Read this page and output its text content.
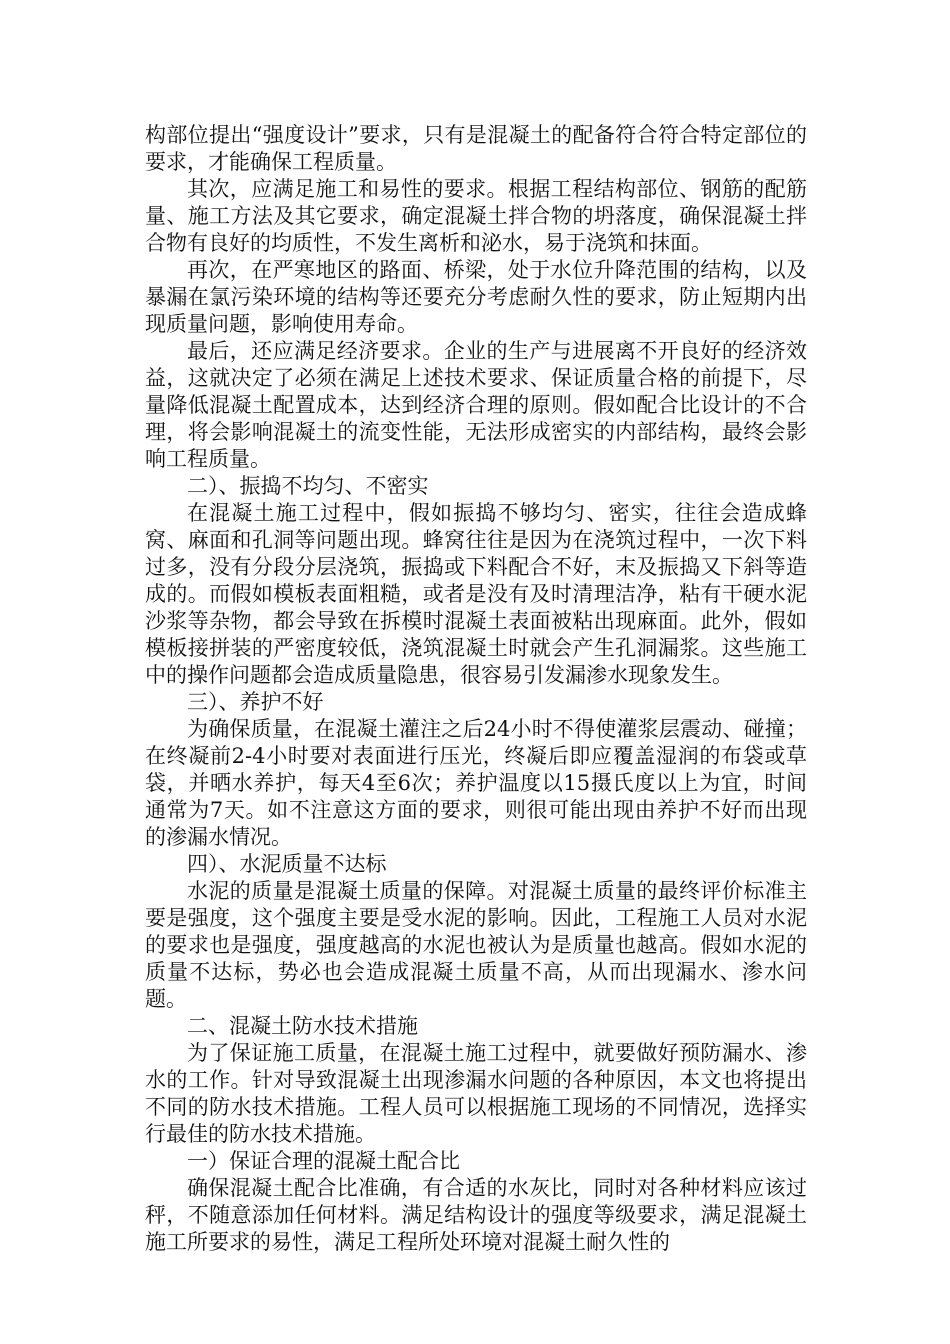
构部位提出“强度设计”要求，只有是混凝土的配备符合符合特定部位的要求，才能确保工程质量。

其次，应满足施工和易性的要求。根据工程结构部位、钢筋的配筋量、施工方法及其它要求，确定混凝土拌合物的坍落度，确保混凝土拌合物有良好的均质性，不发生离析和泌水，易于浇筑和抹面。

再次，在严寒地区的路面、桥梁，处于水位升降范围的结构，以及暴漏在氯污染环境的结构等还要充分考虑耐久性的要求，防止短期内出现质量问题，影响使用寿命。

最后，还应满足经济要求。企业的生产与进展离不开良好的经济效益，这就决定了必须在满足上述技术要求、保证质量合格的前提下，尽量降低混凝土配置成本，达到经济合理的原则。假如配合比设计的不合理，将会影响混凝土的流变性能，无法形成密实的内部结构，最终会影响工程质量。

二）、振捣不均匀、不密实

在混凝土施工过程中，假如振捣不够均匀、密实，往往会造成蜂窝、麻面和孔洞等问题出现。蜂窝往往是因为在浇筑过程中，一次下料过多，没有分段分层浇筑，振捣或下料配合不好，末及振捣又下斜等造成的。而假如模板表面粗糙，或者是没有及时清理洁净，粘有干硬水泥沙浆等杂物，都会导致在拆模时混凝土表面被粘出现麻面。此外，假如模板接拼装的严密度较低，浇筑混凝土时就会产生孔洞漏浆。这些施工中的操作问题都会造成质量隐患，很容易引发漏渗水现象发生。

三）、养护不好

为确保质量，在混凝土灌注之后24小时不得使灌浆层震动、碰撞；在终凝前2-4小时要对表面进行压光，终凝后即应覆盖湿润的布袋或草袋，并晒水养护，每天4至6次；养护温度以15摄氏度以上为宜，时间通常为7天。如不注意这方面的要求，则很可能出现由养护不好而出现的渗漏水情况。

四）、水泥质量不达标

水泥的质量是混凝土质量的保障。对混凝土质量的最终评价标准主要是强度，这个强度主要是受水泥的影响。因此，工程施工人员对水泥的要求也是强度，强度越高的水泥也被认为是质量也越高。假如水泥的质量不达标，势必也会造成混凝土质量不高，从而出现漏水、渗水问题。

二、混凝土防水技术措施

为了保证施工质量，在混凝土施工过程中，就要做好预防漏水、渗水的工作。针对导致混凝土出现渗漏水问题的各种原因，本文也将提出不同的防水技术措施。工程人员可以根据施工现场的不同情况，选择实行最佳的防水技术措施。

一）保证合理的混凝土配合比

确保混凝土配合比准确，有合适的水灰比，同时对各种材料应该过秤，不随意添加任何材料。满足结构设计的强度等级要求，满足混凝土施工所要求的易性，满足工程所处环境对混凝土耐久性的
